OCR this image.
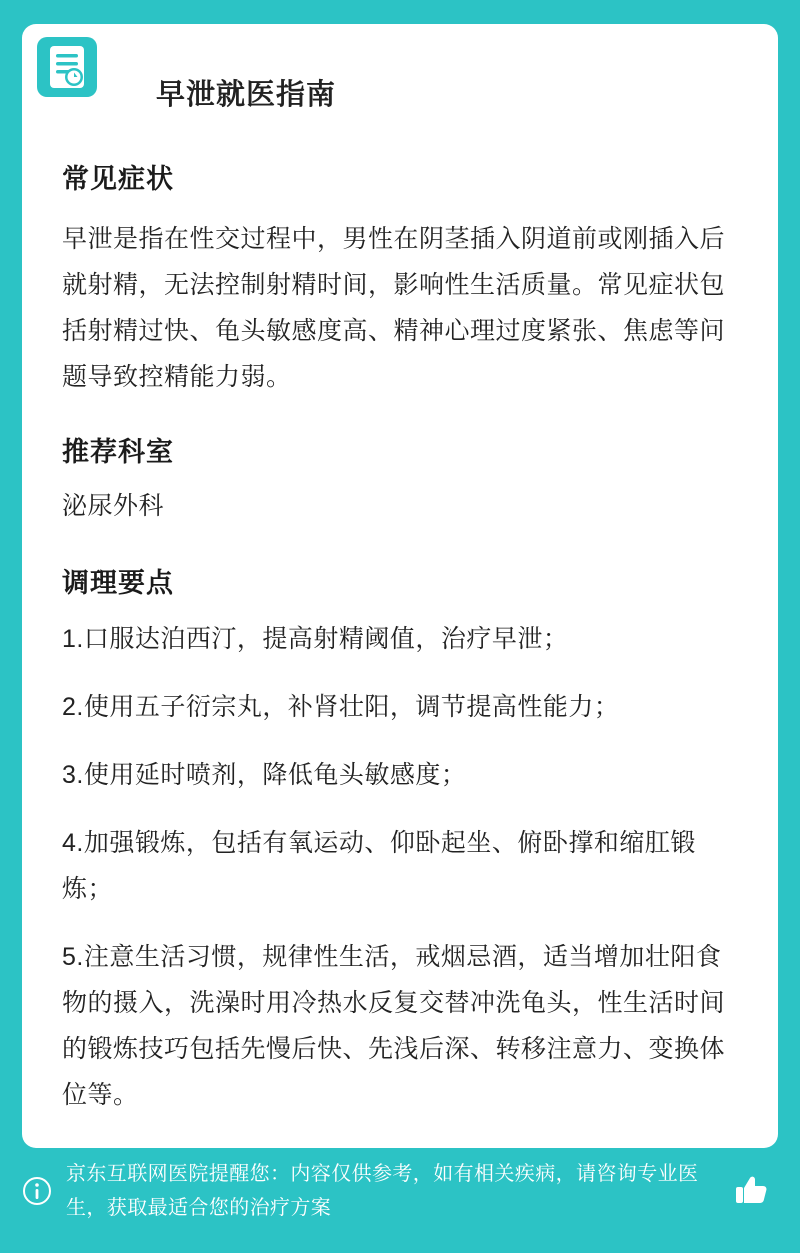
早泄就医指南
常见症状

早泄是指在性交过程中，男性在阴茎插入阴道前或刚插入后就射精，无法控制射精时间，影响性生活质量。常见症状包括射精过快、龟头敏感度高、精神心理过度紧张、焦虑等问题导致控精能力弱。

推荐科室

泌尿外科

调理要点

1.口服达泊西汀，提高射精阈值，治疗早泄；

2.使用五子衍宗丸，补肾壮阳，调节提高性能力；

3.使用延时喷剂，降低龟头敏感度；

4.加强锻炼，包括有氧运动、仰卧起坐、俯卧撑和缩肛锻炼；

5.注意生活习惯，规律性生活，戒烟忌酒，适当增加壮阳食物的摄入，洗澡时用冷热水反复交替冲洗龟头，性生活时间的锻炼技巧包括先慢后快、先浅后深、转移注意力、变换体位等。

京东互联网医院提醒您：内容仅供参考，如有相关疾病，请咨询专业医生，获取最适合您的治疗方案
